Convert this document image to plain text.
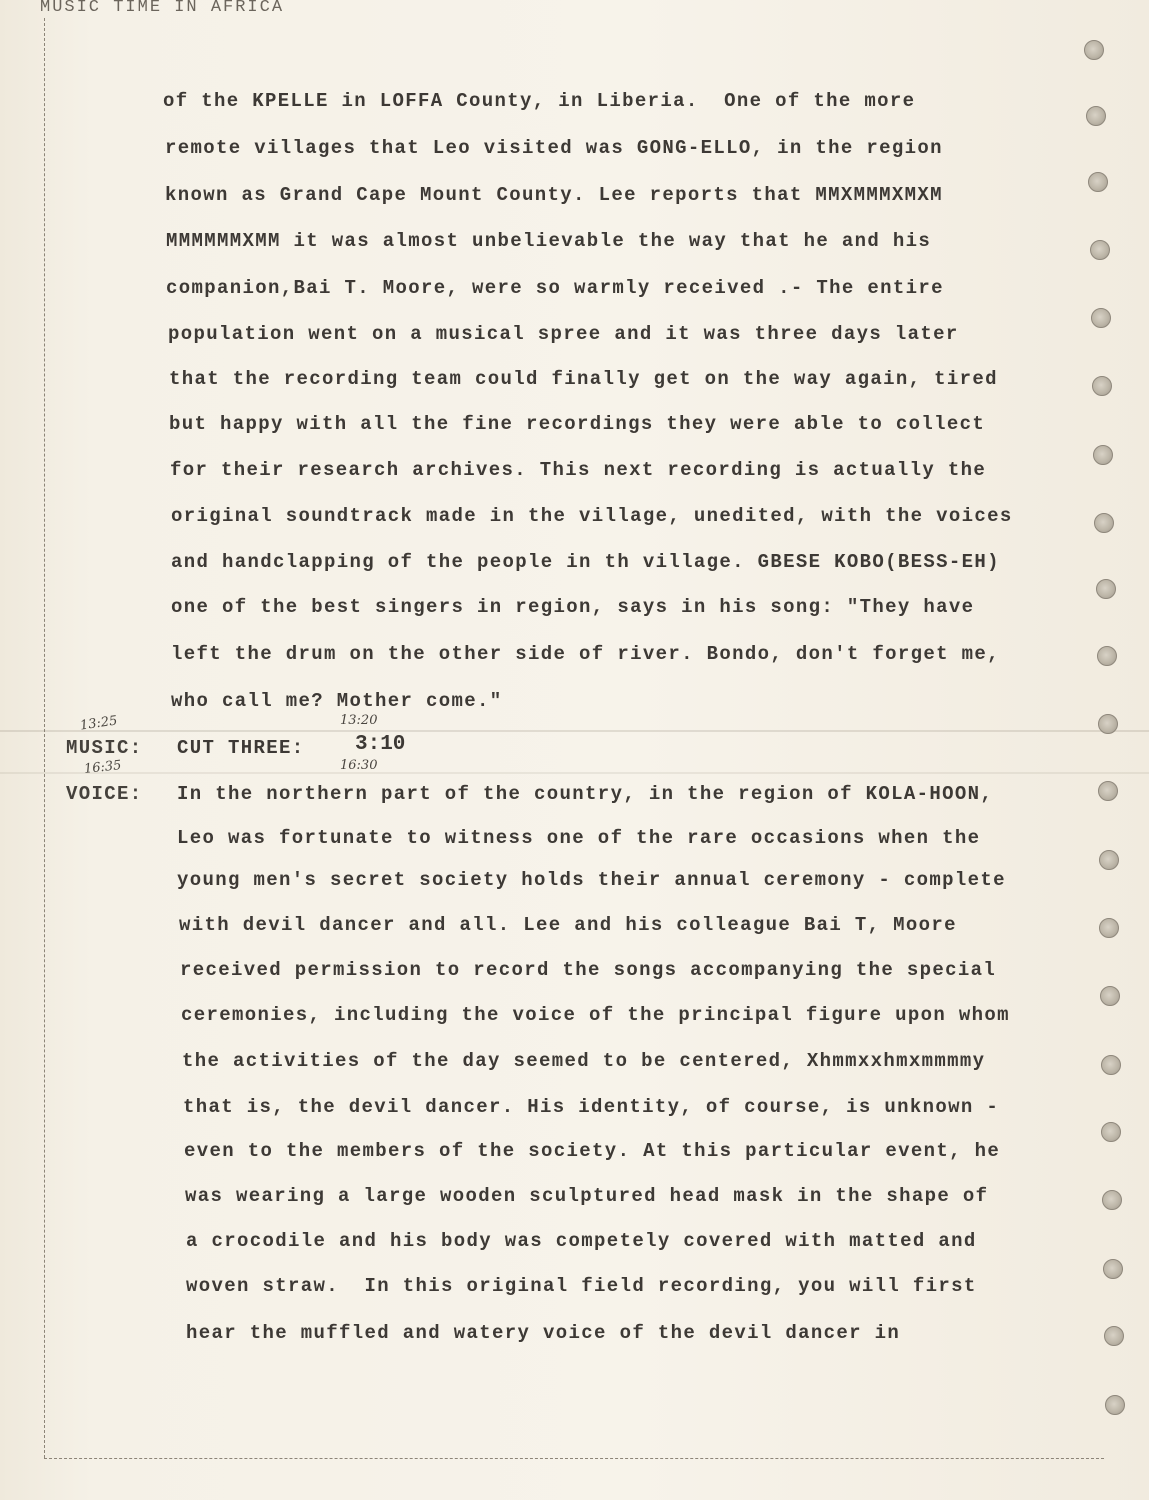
MUSIC TIME IN AFRICA
of the KPELLE in LOFFA County, in Liberia.  One of the more
remote villages that Leo visited was GONG-ELLO, in the region
known as Grand Cape Mount County. Lee reports that MMXMMMXMXM
MMMMMMXMM it was almost unbelievable the way that he and his
companion,Bai T. Moore, were so warmly received .- The entire
population went on a musical spree and it was three days later
that the recording team could finally get on the way again, tired
but happy with all the fine recordings they were able to collect
for their research archives. This next recording is actually the
original soundtrack made in the village, unedited, with the voices
and handclapping of the people in th village. GBESE KOBO(BESS-EH)
one of the best singers in region, says in his song: "They have
left the drum on the other side of river. Bondo, don't forget me,
who call me? Mother come."
13:25
MUSIC: CUT THREE:
13:20
3:10
16:30
16:35
VOICE: In the northern part of the country, in the region of KOLA-HOON,
Leo was fortunate to witness one of the rare occasions when the
young men's secret society holds their annual ceremony - complete
with devil dancer and all. Lee and his colleague Bai T, Moore
received permission to record the songs accompanying the special
ceremonies, including the voice of the principal figure upon whom
the activities of the day seemed to be centered, Xhmmxxhmxmmmmy
that is, the devil dancer. His identity, of course, is unknown -
even to the members of the society. At this particular event, he
was wearing a large wooden sculptured head mask in the shape of
a crocodile and his body was competely covered with matted and
woven straw.  In this original field recording, you will first
hear the muffled and watery voice of the devil dancer in
